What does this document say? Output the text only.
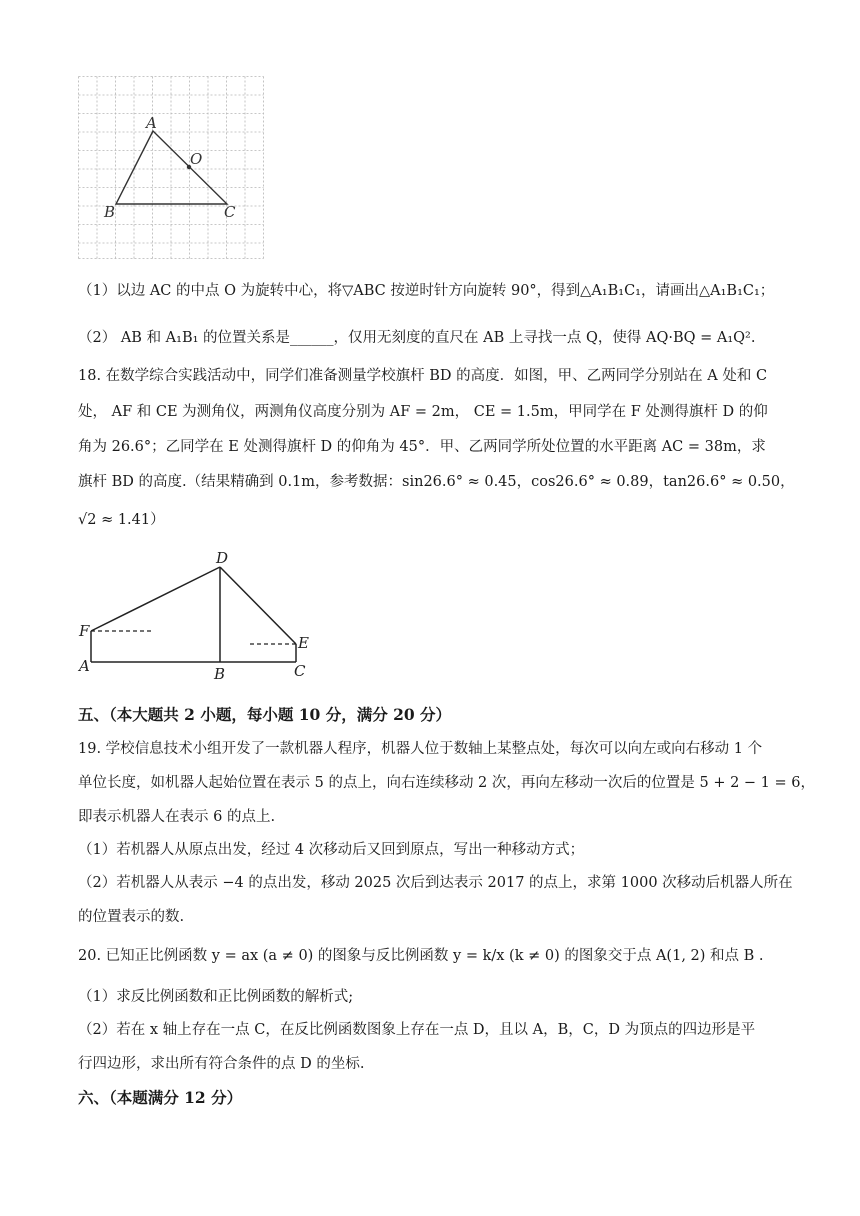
A
O
B	C
（1）以边 AC 的中点 O 为旋转中心，将▽ABC 按逆时针方向旋转 90°，得到△A₁B₁C₁，请画出△A₁B₁C₁；
（2） AB 和 A₁B₁ 的位置关系是______，仅用无刻度的直尺在 AB 上寻找一点 Q，使得 AQ·BQ = A₁Q².
18. 在数学综合实践活动中，同学们准备测量学校旗杆 BD 的高度．如图，甲、乙两同学分别站在 A 处和 C
处， AF 和 CE 为测角仪，两测角仪高度分别为 AF = 2m， CE = 1.5m，甲同学在 F 处测得旗杆 D 的仰
角为 26.6°；乙同学在 E 处测得旗杆 D 的仰角为 45°．甲、乙两同学所处位置的水平距离 AC = 38m，求
旗杆 BD 的高度.（结果精确到 0.1m，参考数据：sin26.6° ≈ 0.45，cos26.6° ≈ 0.89，tan26.6° ≈ 0.50，
√2 ≈ 1.41）
D
F
A	B
E
C
五、（本大题共 2 小题，每小题 10 分，满分 20 分）
19. 学校信息技术小组开发了一款机器人程序，机器人位于数轴上某整点处，每次可以向左或向右移动 1 个
单位长度，如机器人起始位置在表示 5 的点上，向右连续移动 2 次，再向左移动一次后的位置是 5 + 2 − 1 = 6，
即表示机器人在表示 6 的点上.
（1）若机器人从原点出发，经过 4 次移动后又回到原点，写出一种移动方式；
（2）若机器人从表示 −4 的点出发，移动 2025 次后到达表示 2017 的点上，求第 1000 次移动后机器人所在
的位置表示的数.
20. 已知正比例函数 y = ax (a ≠ 0) 的图象与反比例函数 y = k/x (k ≠ 0) 的图象交于点 A(1, 2) 和点 B .
（1）求反比例函数和正比例函数的解析式;
（2）若在 x 轴上存在一点 C，在反比例函数图象上存在一点 D，且以 A，B，C，D 为顶点的四边形是平
行四边形，求出所有符合条件的点 D 的坐标.
六、（本题满分 12 分）
